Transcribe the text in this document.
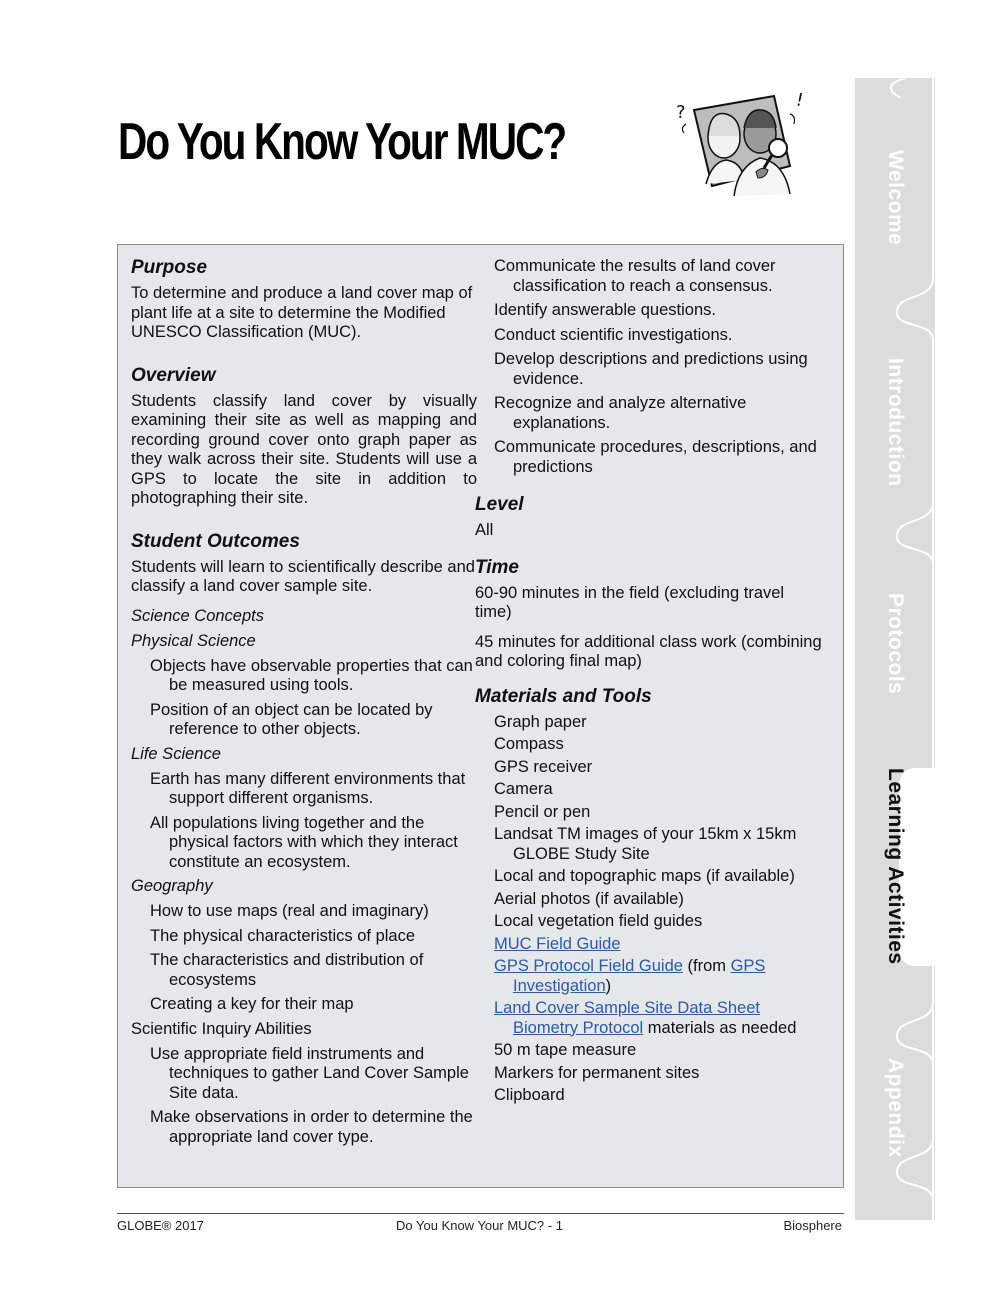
Do You Know Your MUC?
?
!
Purpose
To determine and produce a land cover map of plant life at a site to determine the Modified UNESCO Classification (MUC).
Overview
Students classify land cover by visually examining their site as well as mapping and recording ground cover onto graph paper as they walk across their site. Students will use a GPS to locate the site in addition to photographing their site.
Student Outcomes
Students will learn to scientifically describe and classify a land cover sample site.
Science Concepts
Physical Science
Objects have observable properties that can be measured using tools.
Position of an object can be located by reference to other objects.
Life Science
Earth has many different environments that support different organisms.
All populations living together and the physical factors with which they interact constitute an ecosystem.
Geography
How to use maps (real and imaginary)
The physical characteristics of place
The characteristics and distribution of ecosystems
Creating a key for their map
Scientific Inquiry Abilities
Use appropriate field instruments and techniques to gather Land Cover Sample Site data.
Make observations in order to determine the appropriate land cover type.
Communicate the results of land cover classification to reach a consensus.
Identify answerable questions.
Conduct scientific investigations.
Develop descriptions and predictions using evidence.
Recognize and analyze alternative explanations.
Communicate procedures, descriptions, and predictions
Level
All
Time
60-90 minutes in the field (excluding travel time)
45 minutes for additional class work (combining and coloring final map)
Materials and Tools
Graph paper
Compass
GPS receiver
Camera
Pencil or pen
Landsat TM images of your 15km x 15km GLOBE Study Site
Local and topographic maps (if available)
Aerial photos (if available)
Local vegetation field guides
MUC Field Guide
GPS Protocol Field Guide (from GPS
Investigation)
Land Cover Sample Site Data Sheet
Biometry Protocol materials as needed
50 m tape measure
Markers for permanent sites
Clipboard
Welcome
Introduction
Protocols
Learning Activities
Appendix
GLOBE® 2017	Do You Know Your MUC? - 1	Biosphere
